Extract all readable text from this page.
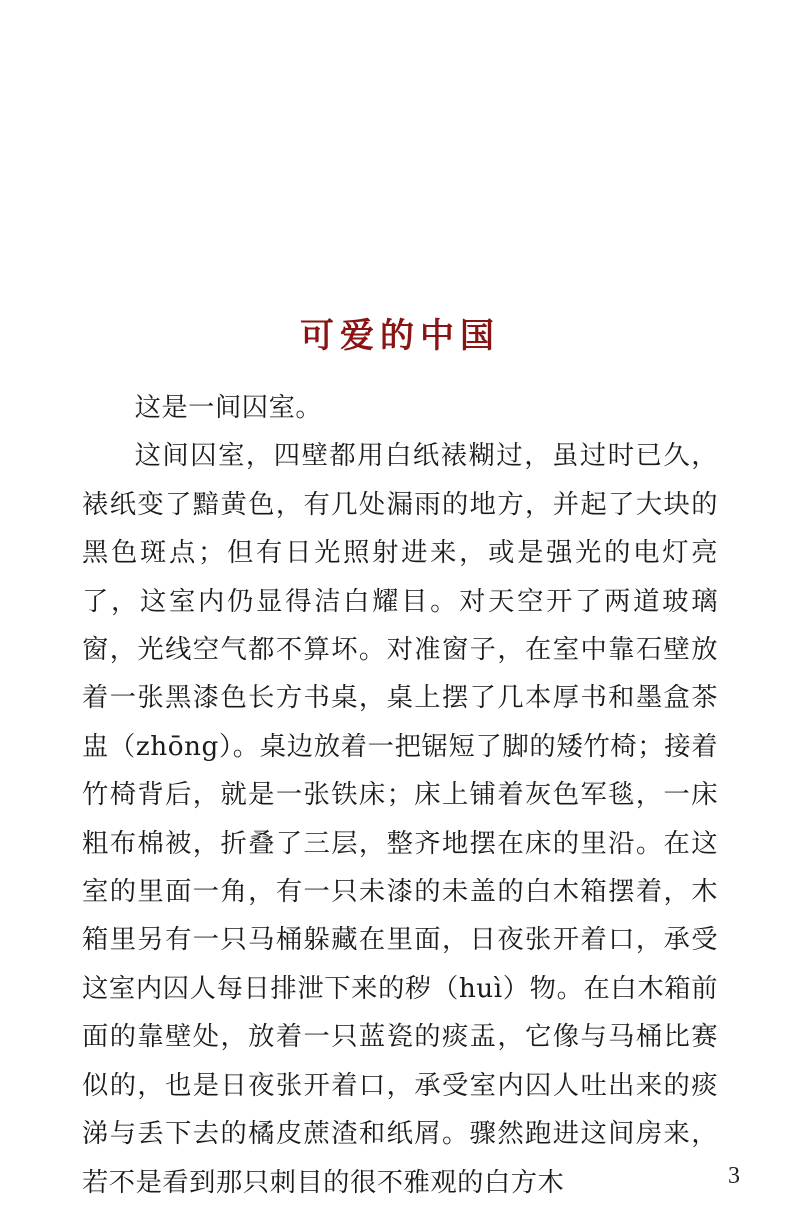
可爱的中国

这是一间囚室。

这间囚室，四壁都用白纸裱糊过，虽过时已久，裱纸变了黯黄色，有几处漏雨的地方，并起了大块的黑色斑点；但有日光照射进来，或是强光的电灯亮了，这室内仍显得洁白耀目。对天空开了两道玻璃窗，光线空气都不算坏。对准窗子，在室中靠石壁放着一张黑漆色长方书桌，桌上摆了几本厚书和墨盒茶盅（zhōng）。桌边放着一把锯短了脚的矮竹椅；接着竹椅背后，就是一张铁床；床上铺着灰色军毯，一床粗布棉被，折叠了三层，整齐地摆在床的里沿。在这室的里面一角，有一只未漆的未盖的白木箱摆着，木箱里另有一只马桶躲藏在里面，日夜张开着口，承受这室内囚人每日排泄下来的秽（huì）物。在白木箱前面的靠壁处，放着一只蓝瓷的痰盂，它像与马桶比赛似的，也是日夜张开着口，承受室内囚人吐出来的痰涕与丢下去的橘皮蔗渣和纸屑。骤然跑进这间房来，若不是看到那只刺目的很不雅观的白方木	3
